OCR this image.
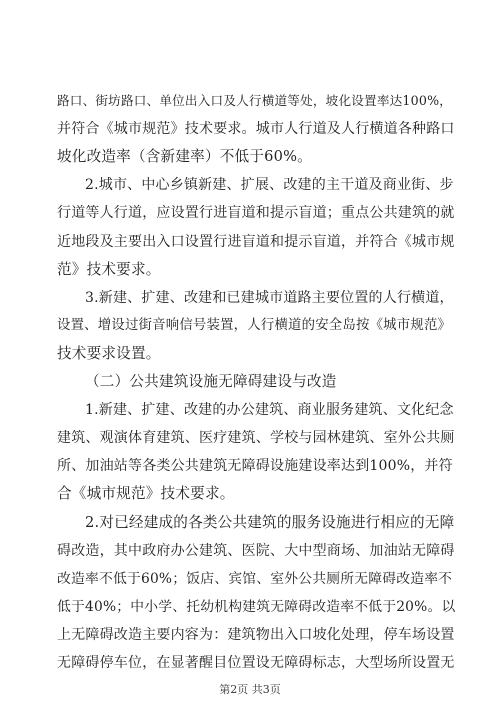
路口、街坊路口、单位出入口及人行横道等处，坡化设置率达100%，
并符合《城市规范》技术要求。城市人行道及人行横道各种路口
坡化改造率（含新建率）不低于60%。
2.城市、中心乡镇新建、扩展、改建的主干道及商业街、步
行道等人行道，应设置行进盲道和提示盲道；重点公共建筑的就
近地段及主要出入口设置行进盲道和提示盲道，并符合《城市规
范》技术要求。
3.新建、扩建、改建和已建城市道路主要位置的人行横道，
设置、增设过街音响信号装置，人行横道的安全岛按《城市规范》
技术要求设置。
（二）公共建筑设施无障碍建设与改造
1.新建、扩建、改建的办公建筑、商业服务建筑、文化纪念
建筑、观演体育建筑、医疗建筑、学校与园林建筑、室外公共厕
所、加油站等各类公共建筑无障碍设施建设率达到100%，并符
合《城市规范》技术要求。
2.对已经建成的各类公共建筑的服务设施进行相应的无障
碍改造，其中政府办公建筑、医院、大中型商场、加油站无障碍
改造率不低于60%；饭店、宾馆、室外公共厕所无障碍改造率不
低于40%；中小学、托幼机构建筑无障碍改造率不低于20%。以
上无障碍改造主要内容为：建筑物出入口坡化处理，停车场设置
无障碍停车位，在显著醒目位置设无障碍标志，大型场所设置无
第2页 共3页
